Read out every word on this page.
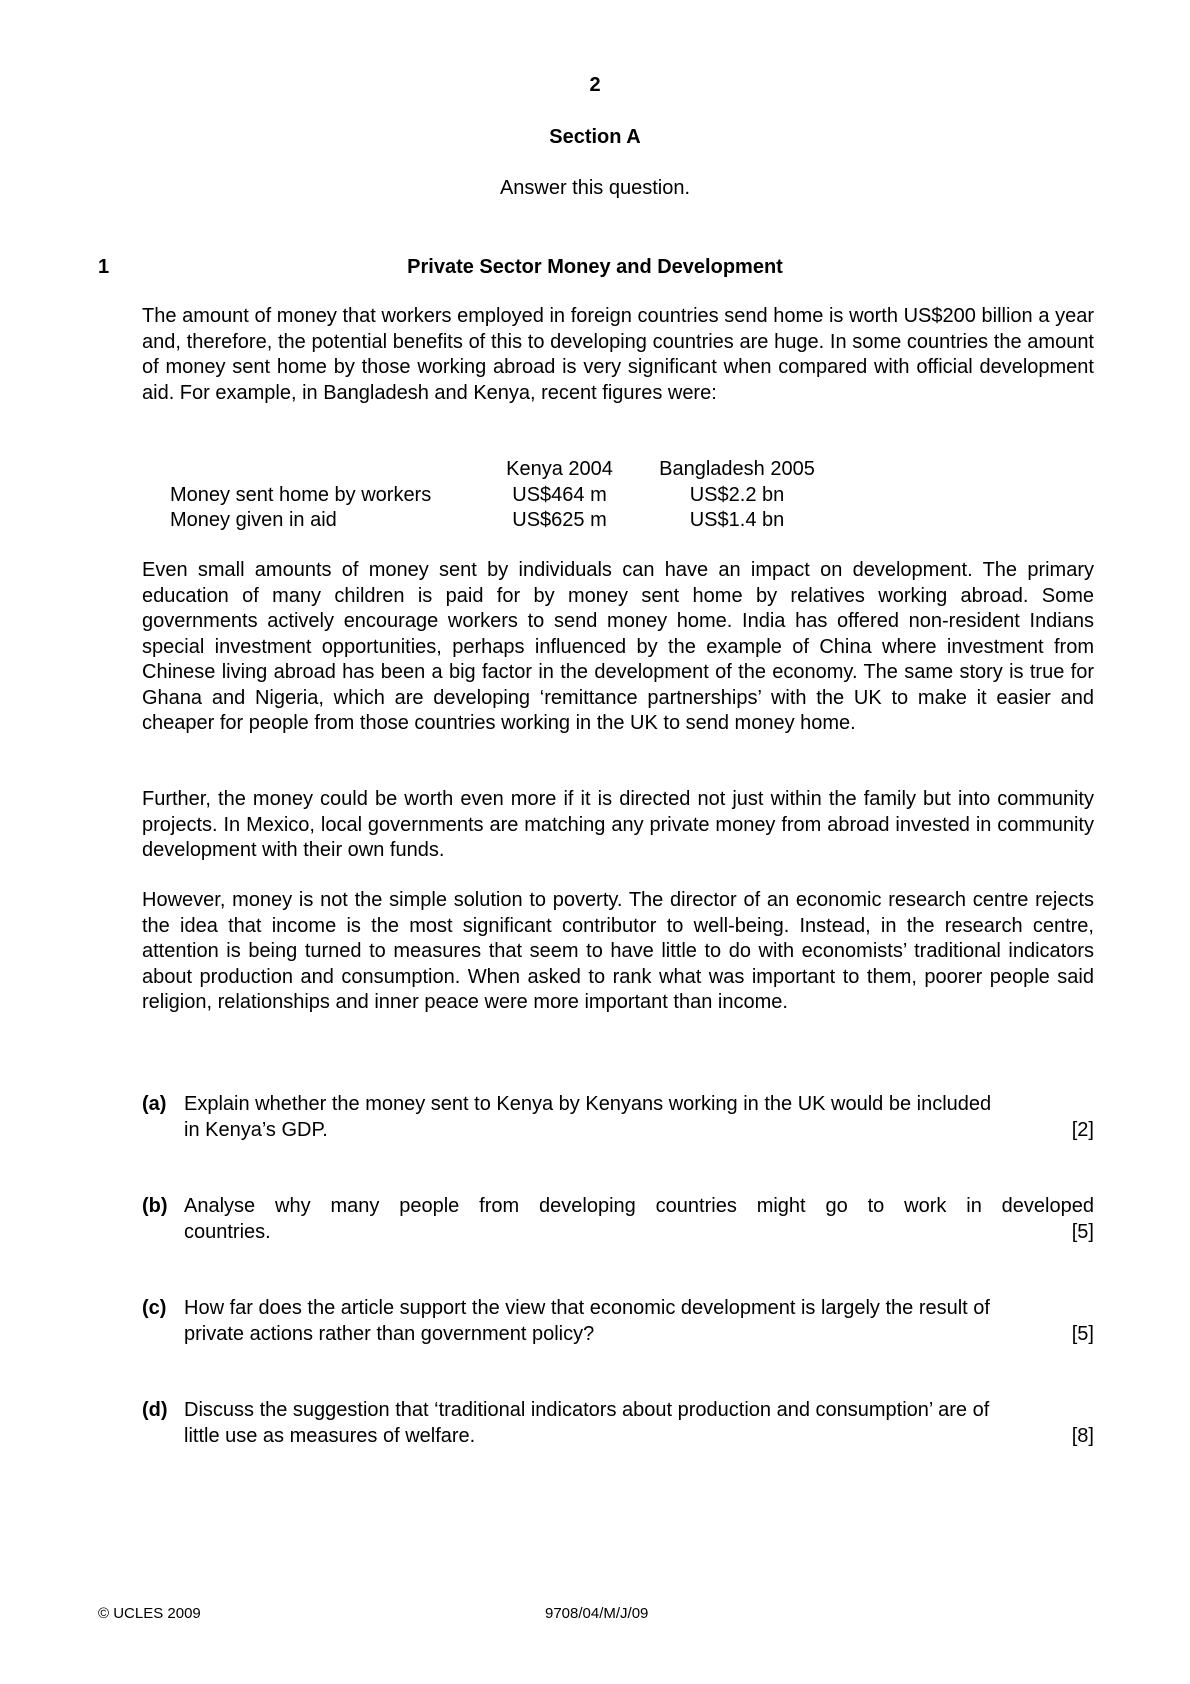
2
Section A
Answer this question.
1	Private Sector Money and Development

The amount of money that workers employed in foreign countries send home is worth US$200 billion a year and, therefore, the potential benefits of this to developing countries are huge. In some countries the amount of money sent home by those working abroad is very significant when compared with official development aid. For example, in Bangladesh and Kenya, recent figures were:

	Kenya 2004	Bangladesh 2005
Money sent home by workers	US$464 m	US$2.2 bn
Money given in aid	US$625 m	US$1.4 bn

Even small amounts of money sent by individuals can have an impact on development. The primary education of many children is paid for by money sent home by relatives working abroad. Some governments actively encourage workers to send money home. India has offered non-resident Indians special investment opportunities, perhaps influenced by the example of China where investment from Chinese living abroad has been a big factor in the development of the economy. The same story is true for Ghana and Nigeria, which are developing ‘remittance partnerships’ with the UK to make it easier and cheaper for people from those countries working in the UK to send money home.

Further, the money could be worth even more if it is directed not just within the family but into community projects. In Mexico, local governments are matching any private money from abroad invested in community development with their own funds.

However, money is not the simple solution to poverty. The director of an economic research centre rejects the idea that income is the most significant contributor to well-being. Instead, in the research centre, attention is being turned to measures that seem to have little to do with economists’ traditional indicators about production and consumption. When asked to rank what was important to them, poorer people said religion, relationships and inner peace were more important than income.

(a) Explain whether the money sent to Kenya by Kenyans working in the UK would be included
in Kenya’s GDP.	[2]
(b) Analyse why many people from developing countries might go to work in developed
countries.	[5]
(c) How far does the article support the view that economic development is largely the result of
private actions rather than government policy?	[5]
(d) Discuss the suggestion that ‘traditional indicators about production and consumption’ are of
little use as measures of welfare.	[8]
© UCLES 2009	9708/04/M/J/09
